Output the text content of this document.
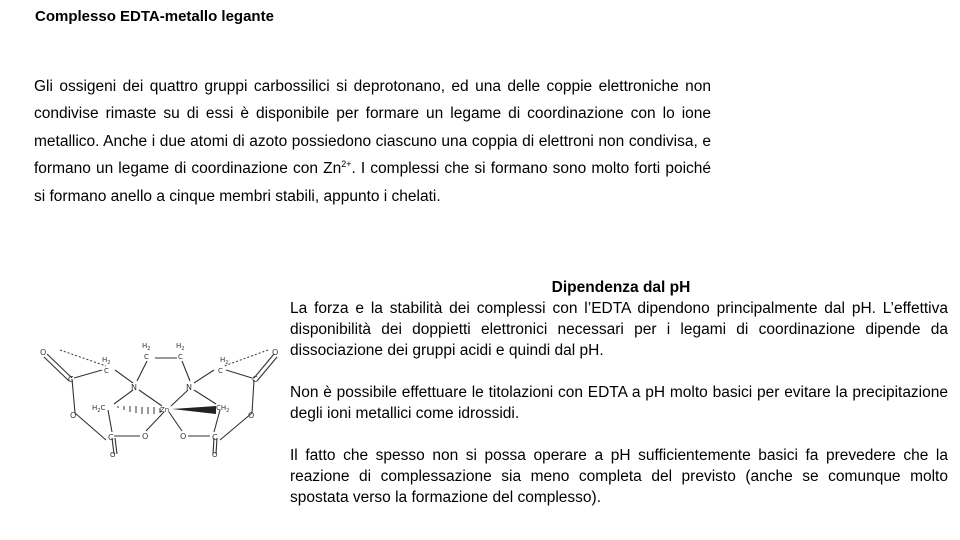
Complesso EDTA-metallo legante

Gli ossigeni dei quattro gruppi carbossilici si deprotonano, ed una delle coppie elettroniche non condivise rimaste su di essi è disponibile per formare un legame di coordinazione con lo ione metallico. Anche i due atomi di azoto possiedono ciascuno una coppia di elettroni non condivisa, e formano un legame di coordinazione con $Zn^{2+}$. I complessi che si formano sono molto forti poiché si formano anello a cinque membri stabili, appunto i chelati.

O
C
O
$H_2$
C
$H_2$
C
$H_2$
C	$H_2$
C
N	N
O
C
O
$H_2C$	$CH_2$
Zn
O	O
C	C
O	O

Dipendenza dal pH

La forza e la stabilità dei complessi con l’EDTA dipendono principalmente dal pH. L’effettiva disponibilità dei doppietti elettronici necessari per i legami di coordinazione dipende da dissociazione dei gruppi acidi e quindi dal pH.

Non è possibile effettuare le titolazioni con EDTA a pH molto basici per evitare la precipitazione degli ioni metallici come idrossidi.

Il fatto che spesso non si possa operare a pH sufficientemente basici fa prevedere che la reazione di complessazione sia meno completa del previsto (anche se comunque molto spostata verso la formazione del complesso).
